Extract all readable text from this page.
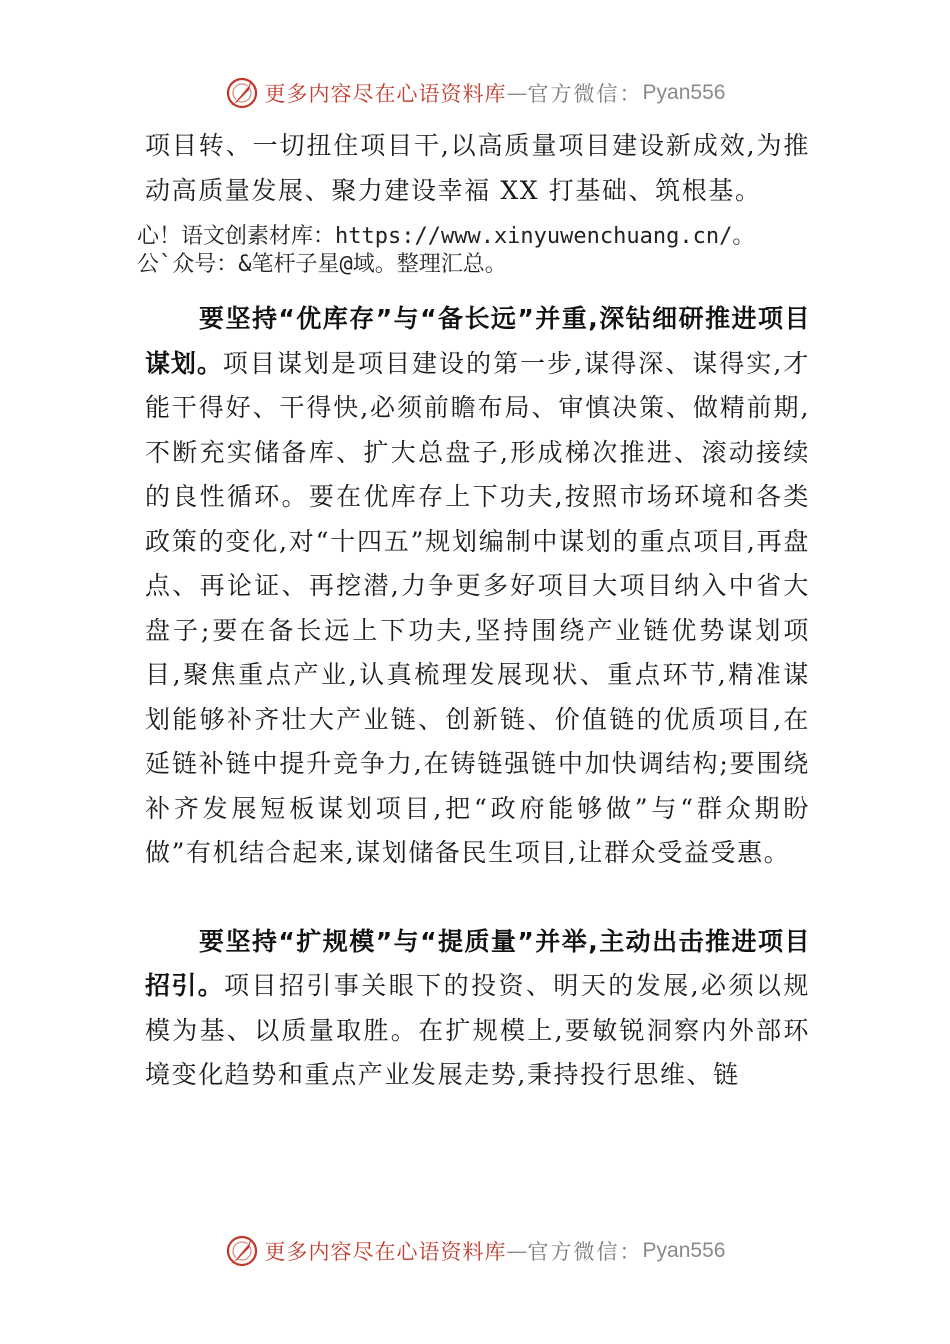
更多内容尽在心语资料库 — 官方微信： Pyan556
心！语文创素材库：https://www.xinyuwenchuang.cn/。
公`众号：&笔杆子星@域。整理汇总。

项目转、一切扭住项目干,以高质量项目建设新成效,为推动高质量发展、聚力建设幸福 XX 打基础、筑根基。

要坚持“优库存”与“备长远”并重,深钻细研推进项目谋划。项目谋划是项目建设的第一步,谋得深、谋得实,才能干得好、干得快,必须前瞻布局、审慎决策、做精前期,不断充实储备库、扩大总盘子,形成梯次推进、滚动接续的良性循环。要在优库存上下功夫,按照市场环境和各类政策的变化,对“十四五”规划编制中谋划的重点项目,再盘点、再论证、再挖潜,力争更多好项目大项目纳入中省大盘子;要在备长远上下功夫,坚持围绕产业链优势谋划项目,聚焦重点产业,认真梳理发展现状、重点环节,精准谋划能够补齐壮大产业链、创新链、价值链的优质项目,在延链补链中提升竞争力,在铸链强链中加快调结构;要围绕补齐发展短板谋划项目,把“政府能够做”与“群众期盼做”有机结合起来,谋划储备民生项目,让群众受益受惠。

要坚持“扩规模”与“提质量”并举,主动出击推进项目招引。项目招引事关眼下的投资、明天的发展,必须以规模为基、以质量取胜。在扩规模上,要敏锐洞察内外部环境变化趋势和重点产业发展走势,秉持投行思维、链

更多内容尽在心语资料库 — 官方微信： Pyan556
